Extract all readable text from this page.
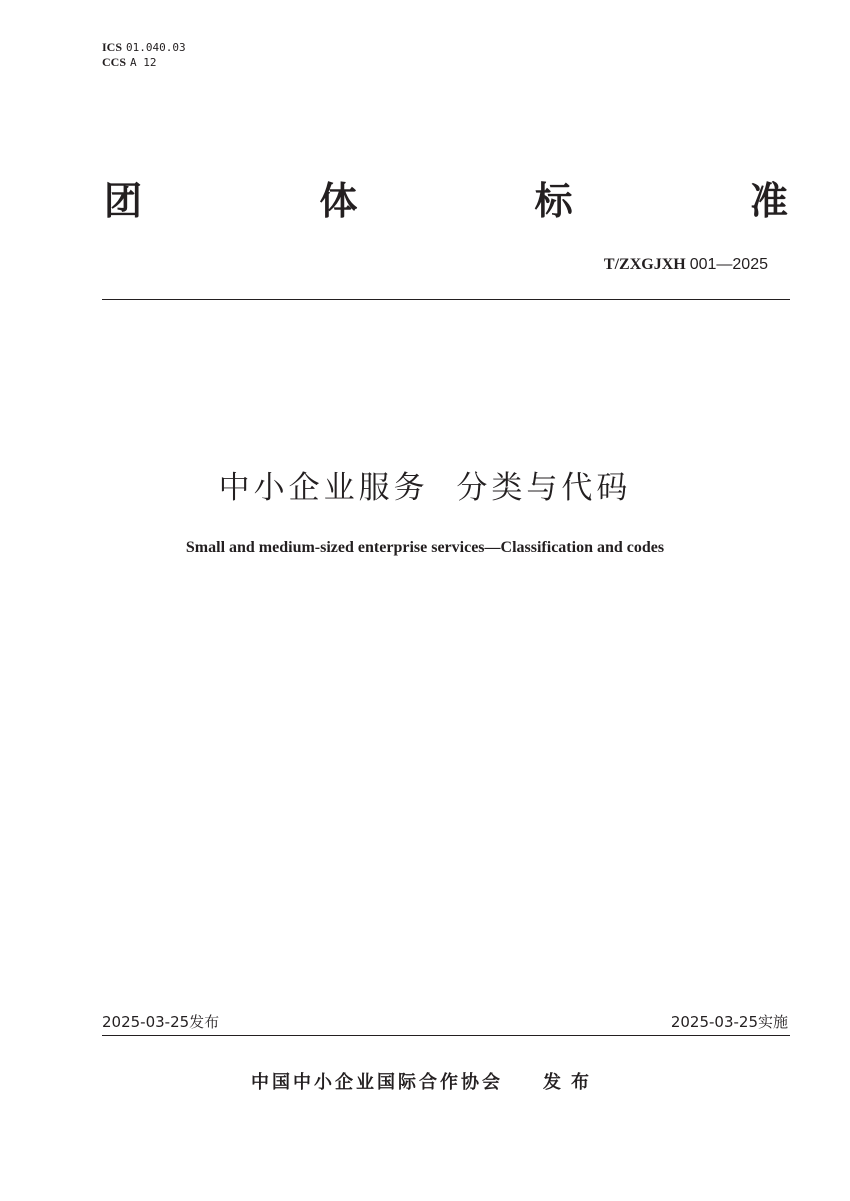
ICS 01.040.03
CCS A 12
团	体	标	准
T/ZXGJXH 001—2025
中小企业服务  分类与代码
Small and medium-sized enterprise services—Classification and codes
2025-03-25发布	2025-03-25实施
中国中小企业国际合作协会 发布
